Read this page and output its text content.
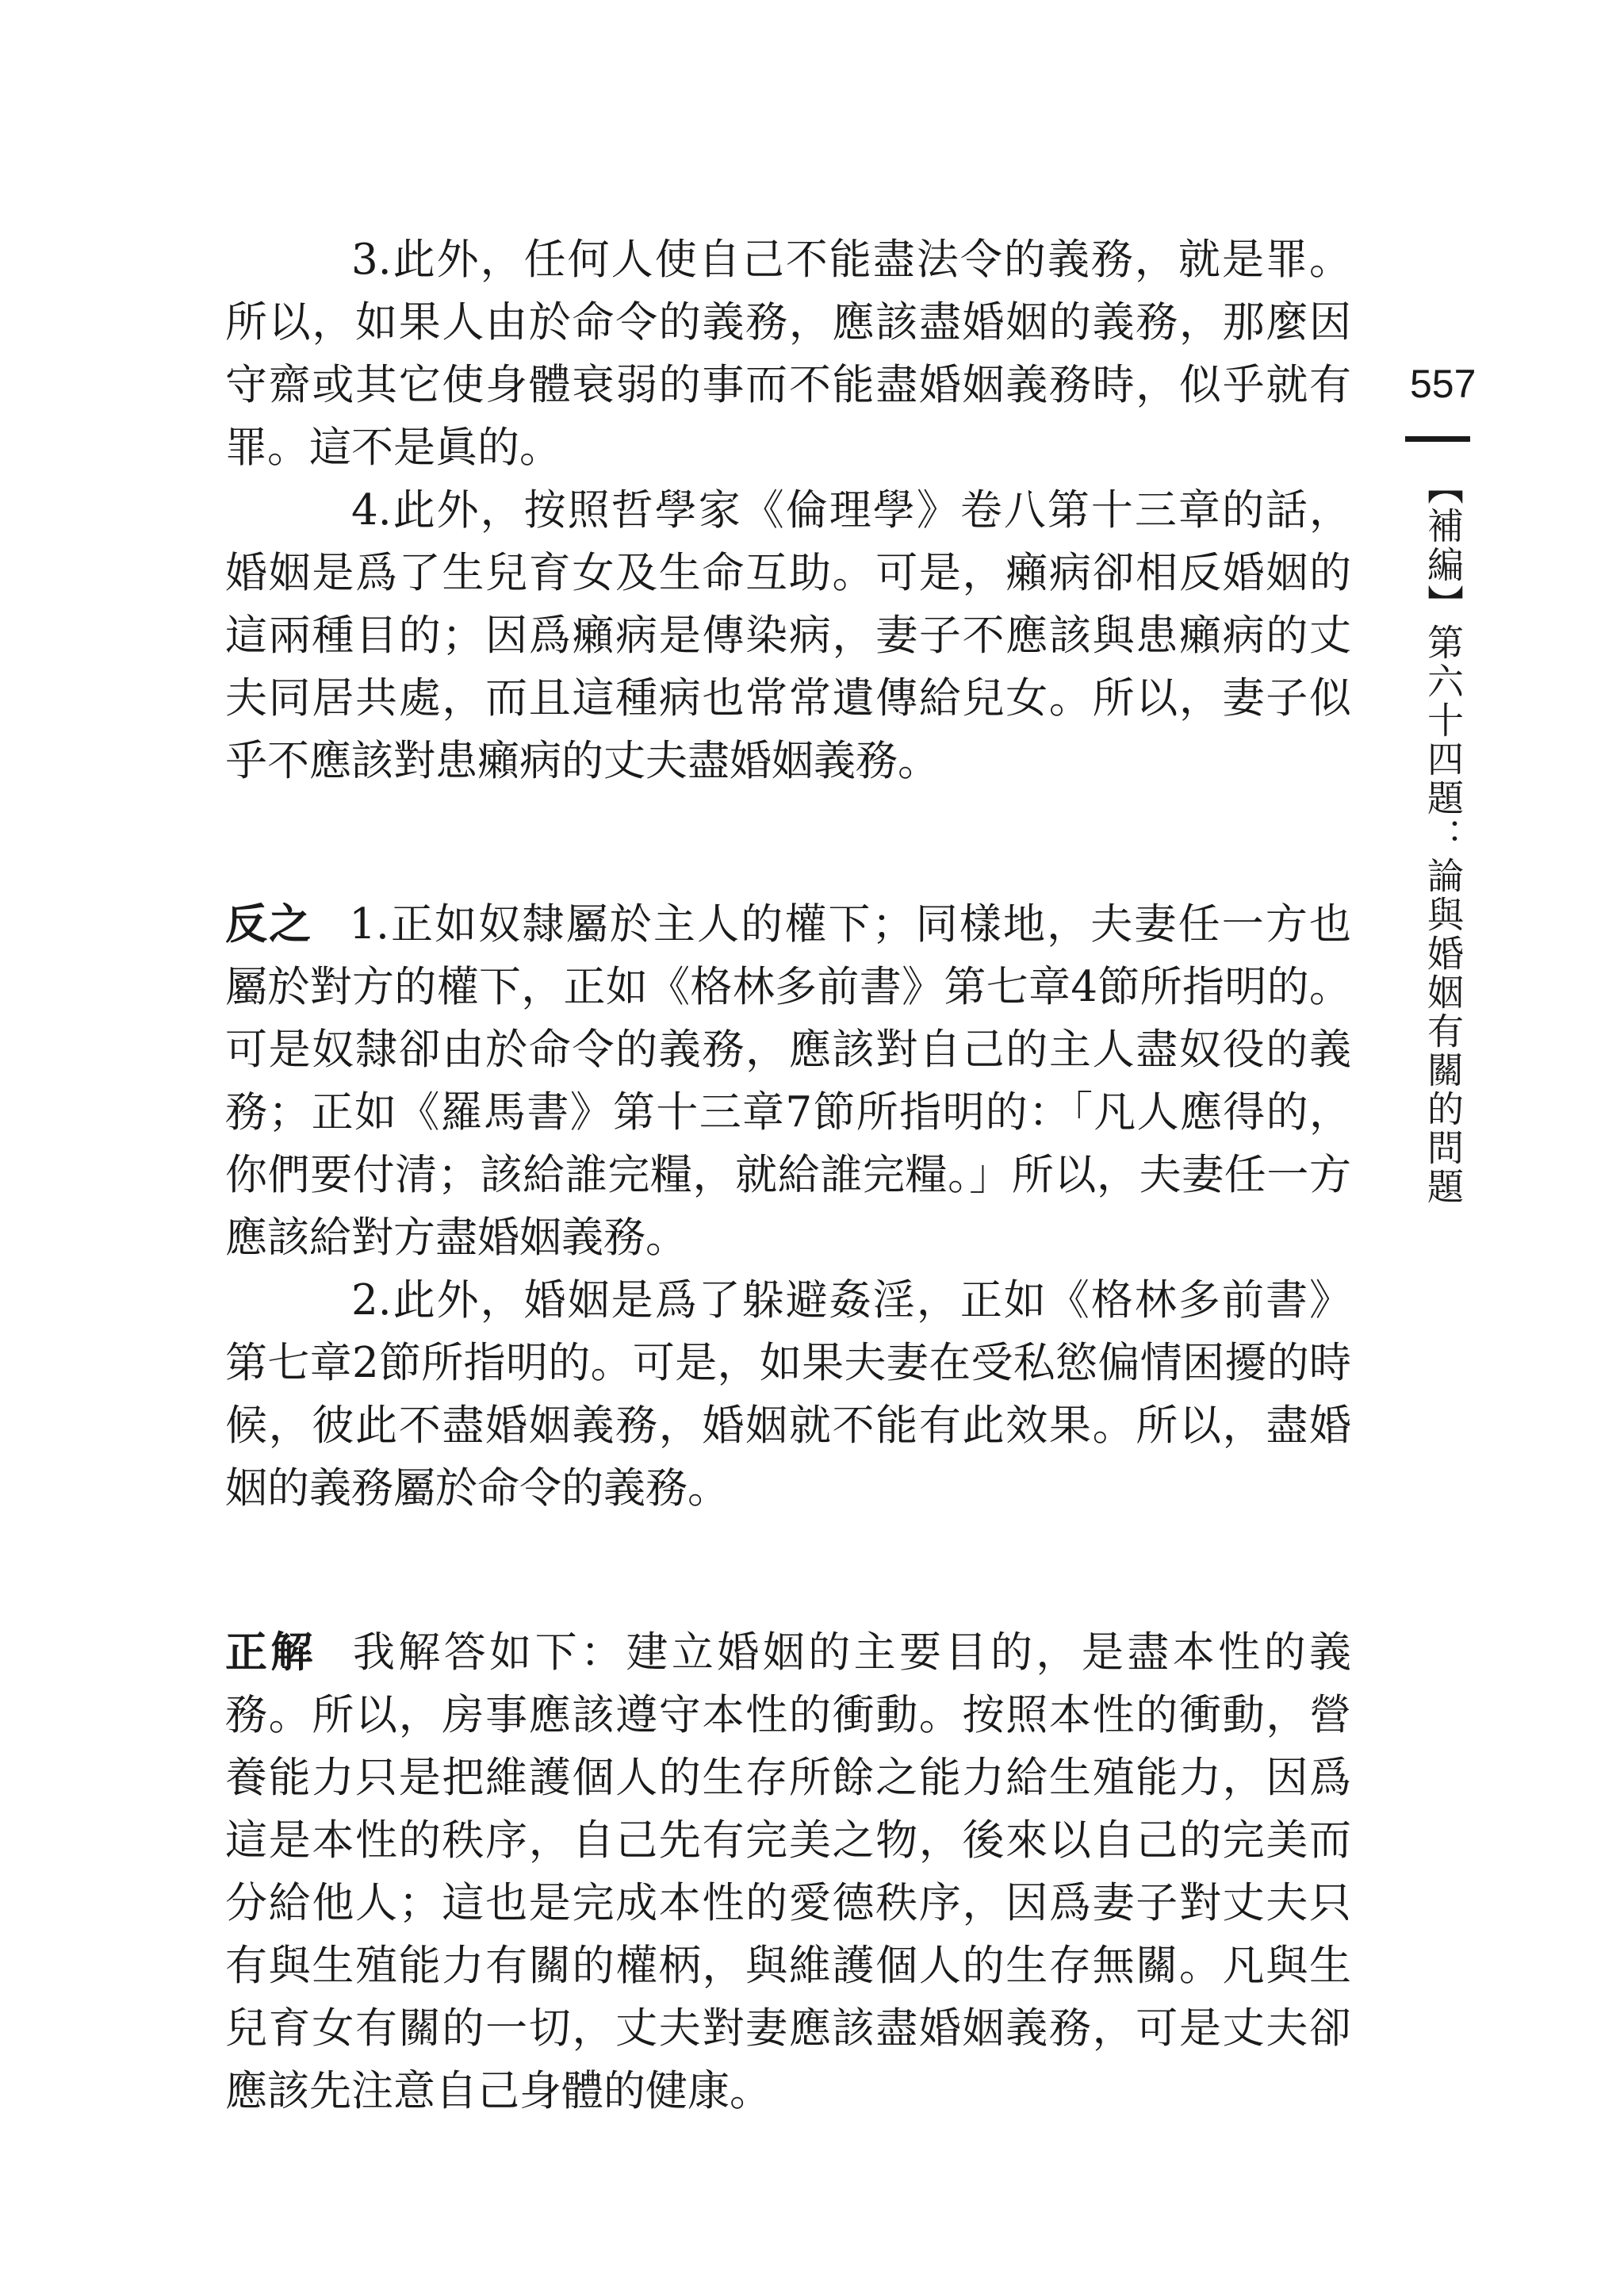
3.此外，任何人使自己不能盡法令的義務，就是罪。所以，如果人由於命令的義務，應該盡婚姻的義務，那麼因守齋或其它使身體衰弱的事而不能盡婚姻義務時，似乎就有罪。這不是眞的。

4.此外，按照哲學家《倫理學》卷八第十三章的話，婚姻是爲了生兒育女及生命互助。可是，癩病卻相反婚姻的這兩種目的；因爲癩病是傳染病，妻子不應該與患癩病的丈夫同居共處，而且這種病也常常遺傳給兒女。所以，妻子似乎不應該對患癩病的丈夫盡婚姻義務。

反之 1.正如奴隸屬於主人的權下；同樣地，夫妻任一方也屬於對方的權下，正如《格林多前書》第七章4節所指明的。可是奴隸卻由於命令的義務，應該對自己的主人盡奴役的義務；正如《羅馬書》第十三章7節所指明的：「凡人應得的，你們要付清；該給誰完糧，就給誰完糧。」所以，夫妻任一方應該給對方盡婚姻義務。

2.此外，婚姻是爲了躲避姦淫，正如《格林多前書》第七章2節所指明的。可是，如果夫妻在受私慾偏情困擾的時候，彼此不盡婚姻義務，婚姻就不能有此效果。所以，盡婚姻的義務屬於命令的義務。

正解 我解答如下：建立婚姻的主要目的，是盡本性的義務。所以，房事應該遵守本性的衝動。按照本性的衝動，營養能力只是把維護個人的生存所餘之能力給生殖能力，因爲這是本性的秩序，自己先有完美之物，後來以自己的完美而分給他人；這也是完成本性的愛德秩序，因爲妻子對丈夫只有與生殖能力有關的權柄，與維護個人的生存無關。凡與生兒育女有關的一切，丈夫對妻應該盡婚姻義務，可是丈夫卻應該先注意自己身體的健康。

557
【補編】第六十四題：論與婚姻有關的問題
